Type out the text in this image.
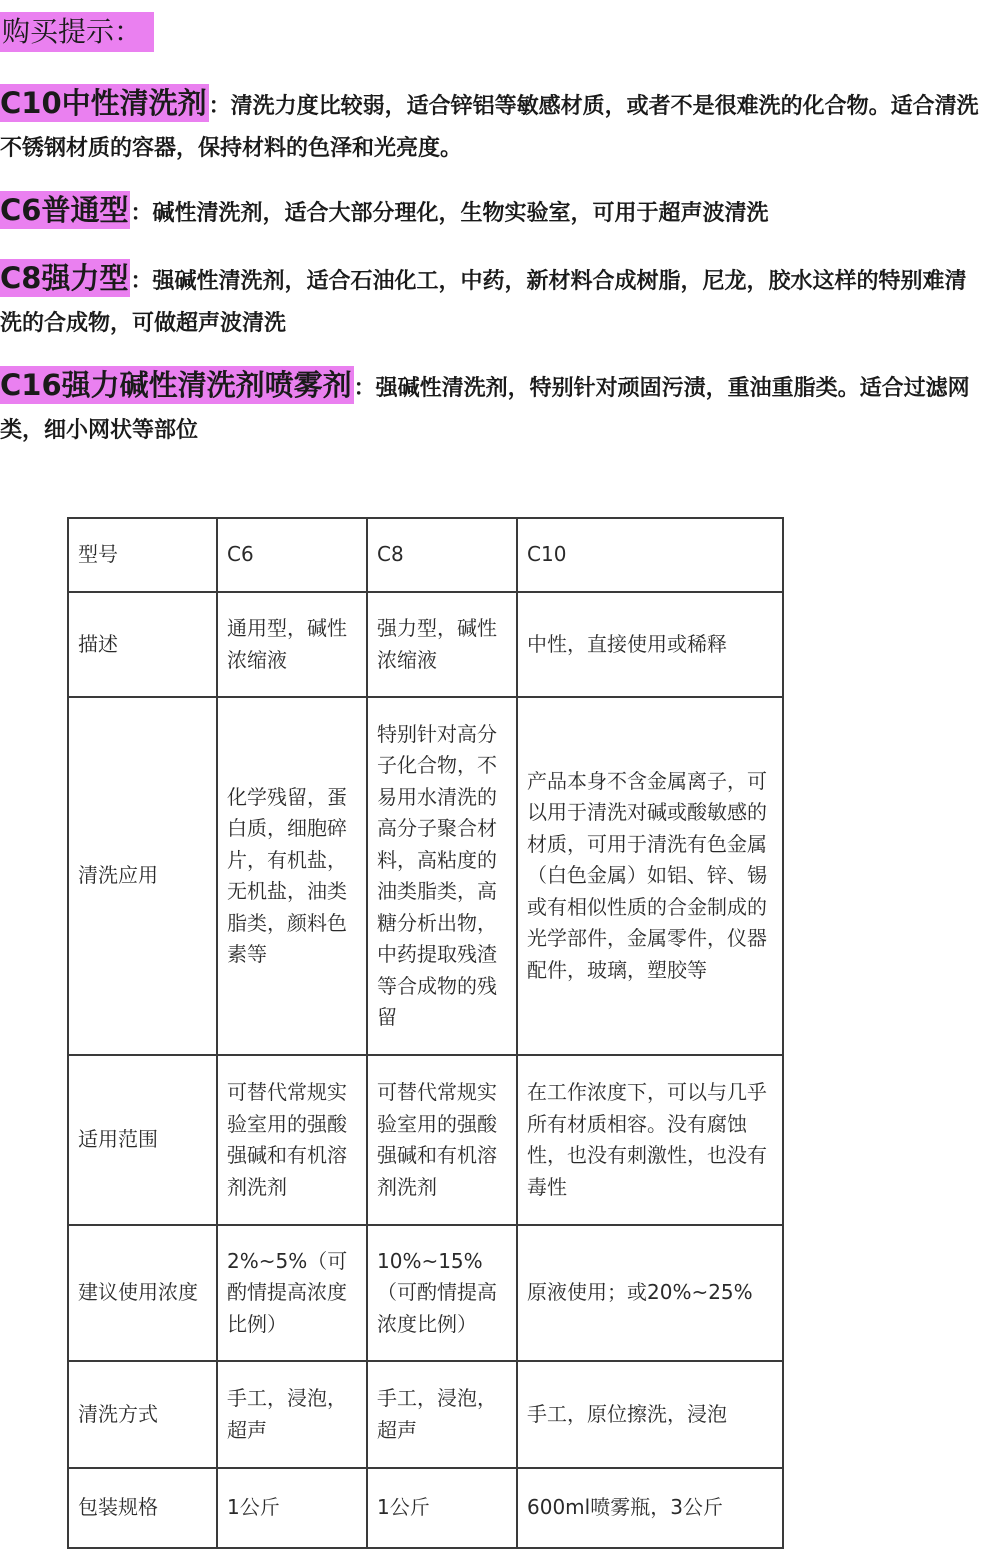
购买提示：
C10中性清洗剂：清洗力度比较弱，适合锌铝等敏感材质，或者不是很难洗的化合物。适合清洗不锈钢材质的容器，保持材料的色泽和光亮度。
C6普通型：碱性清洗剂，适合大部分理化，生物实验室，可用于超声波清洗
C8强力型：强碱性清洗剂，适合石油化工，中药，新材料合成树脂，尼龙，胶水这样的特别难清洗的合成物，可做超声波清洗
C16强力碱性清洗剂喷雾剂：强碱性清洗剂，特别针对顽固污渍，重油重脂类。适合过滤网类，细小网状等部位
型号	C6	C8	C10
描述	通用型，碱性浓缩液	强力型，碱性浓缩液	中性，直接使用或稀释
清洗应用	化学残留，蛋白质，细胞碎片，有机盐，无机盐，油类脂类，颜料色素等	特别针对高分子化合物，不易用水清洗的高分子聚合材料，高粘度的油类脂类，高糖分析出物，中药提取残渣等合成物的残留	产品本身不含金属离子，可以用于清洗对碱或酸敏感的材质，可用于清洗有色金属（白色金属）如铝、锌、锡或有相似性质的合金制成的光学部件，金属零件，仪器配件，玻璃，塑胶等
适用范围	可替代常规实验室用的强酸强碱和有机溶剂洗剂	可替代常规实验室用的强酸强碱和有机溶剂洗剂	在工作浓度下，可以与几乎所有材质相容。没有腐蚀性，也没有刺激性，也没有毒性
建议使用浓度	2%~5%（可酌情提高浓度比例）	10%~15%（可酌情提高浓度比例）	原液使用；或20%~25%
清洗方式	手工，浸泡，超声	手工，浸泡，超声	手工，原位擦洗，浸泡
包装规格	1公斤	1公斤	600ml喷雾瓶，3公斤
